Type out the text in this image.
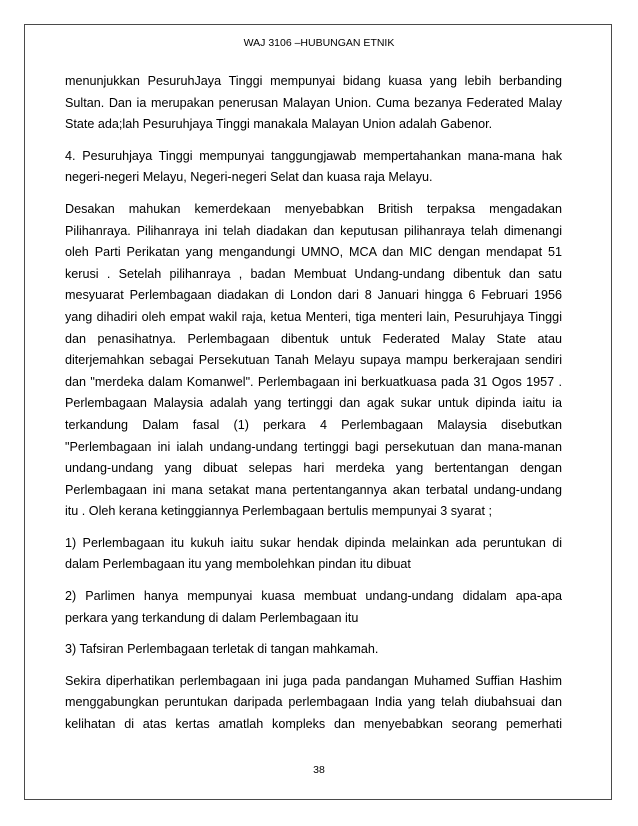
WAJ 3106 –HUBUNGAN ETNIK
menunjukkan PesuruhJaya Tinggi mempunyai bidang kuasa yang lebih berbanding
Sultan. Dan ia merupakan penerusan Malayan Union. Cuma bezanya Federated Malay
State ada;lah Pesuruhjaya Tinggi manakala Malayan Union adalah Gabenor.
4. Pesuruhjaya Tinggi mempunyai tanggungjawab mempertahankan mana-mana hak
negeri-negeri Melayu, Negeri-negeri Selat dan kuasa raja Melayu.
Desakan mahukan kemerdekaan menyebabkan British terpaksa mengadakan
Pilihanraya. Pilihanraya ini telah diadakan dan keputusan pilihanraya telah dimenangi
oleh Parti Perikatan yang mengandungi UMNO, MCA dan MIC dengan mendapat 51
kerusi . Setelah pilihanraya , badan Membuat Undang-undang dibentuk dan satu
mesyuarat Perlembagaan diadakan di London dari 8 Januari hingga 6 Februari 1956
yang dihadiri oleh empat wakil raja, ketua Menteri, tiga menteri lain, Pesuruhjaya Tinggi
dan penasihatnya. Perlembagaan dibentuk untuk Federated Malay State atau
diterjemahkan sebagai Persekutuan Tanah Melayu supaya mampu berkerajaan sendiri
dan "merdeka dalam Komanwel". Perlembagaan ini berkuatkuasa pada 31 Ogos 1957 .
Perlembagaan Malaysia adalah yang tertinggi dan agak sukar untuk dipinda iaitu ia
terkandung Dalam fasal (1) perkara 4 Perlembagaan Malaysia disebutkan
"Perlembagaan ini ialah undang-undang tertinggi bagi persekutuan dan mana-manan
undang-undang yang dibuat selepas hari merdeka yang bertentangan dengan
Perlembagaan ini mana setakat mana pertentangannya akan terbatal undang-undang
itu . Oleh kerana ketinggiannya Perlembagaan bertulis mempunyai 3 syarat ;
1) Perlembagaan itu kukuh iaitu sukar hendak dipinda melainkan ada peruntukan di
dalam Perlembagaan itu yang membolehkan pindan itu dibuat
2) Parlimen hanya mempunyai kuasa membuat undang-undang didalam apa-apa
perkara yang terkandung di dalam Perlembagaan itu
3) Tafsiran Perlembagaan terletak di tangan mahkamah.
Sekira diperhatikan perlembagaan ini juga pada pandangan Muhamed Suffian Hashim
menggabungkan peruntukan daripada perlembagaan India yang telah diubahsuai dan
kelihatan di atas kertas amatlah kompleks dan menyebabkan seorang pemerhati
38
